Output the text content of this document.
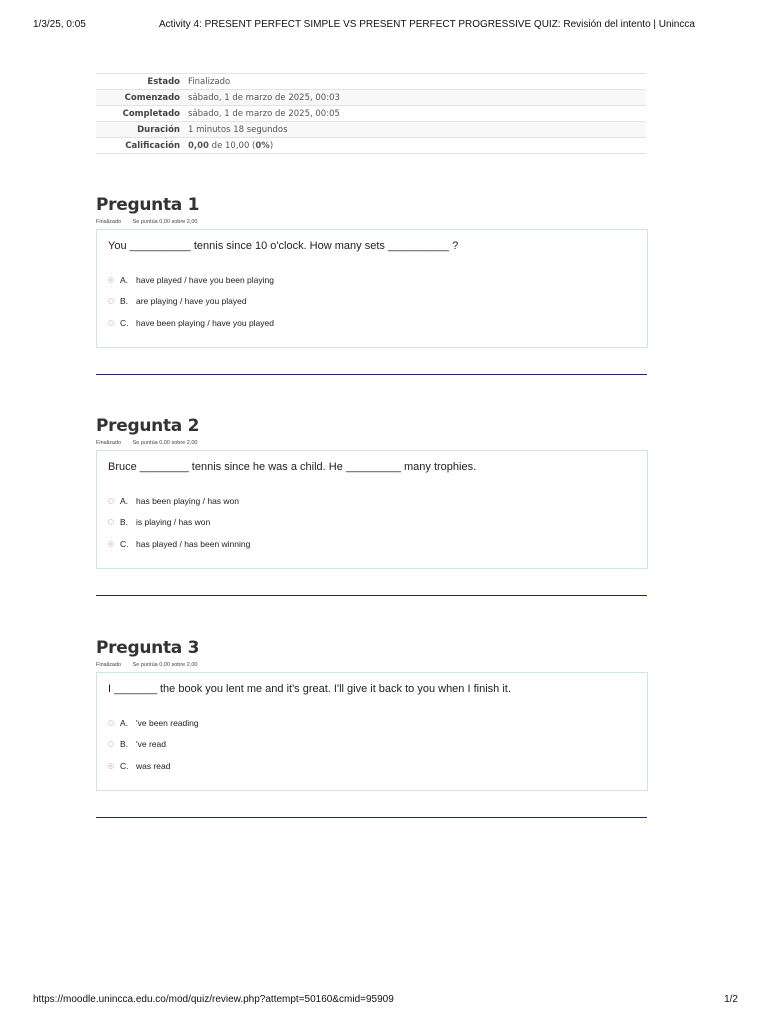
1/3/25, 0:05	Activity 4: PRESENT PERFECT SIMPLE VS PRESENT PERFECT PROGRESSIVE QUIZ: Revisión del intento | Unincca
Estado	Finalizado
Comenzado	sábado, 1 de marzo de 2025, 00:03
Completado	sábado, 1 de marzo de 2025, 00:05
Duración	1 minutos 18 segundos
Calificación	0,00 de 10,00 (0%)
Pregunta 1
Finalizado Se puntúa 0,00 sobre 2,00
You __________ tennis since 10 o'clock. How many sets __________ ?
A. have played / have you been playing
B. are playing / have you played
C. have been playing / have you played
Pregunta 2
Finalizado Se puntúa 0,00 sobre 2,00
Bruce ________ tennis since he was a child. He _________ many trophies.
A. has been playing / has won
B. is playing / has won
C. has played / has been winning
Pregunta 3
Finalizado Se puntúa 0,00 sobre 2,00
I _______ the book you lent me and it's great. I'll give it back to you when I finish it.
A. 've been reading
B. 've read
C. was read
https://moodle.unincca.edu.co/mod/quiz/review.php?attempt=50160&cmid=95909	1/2
